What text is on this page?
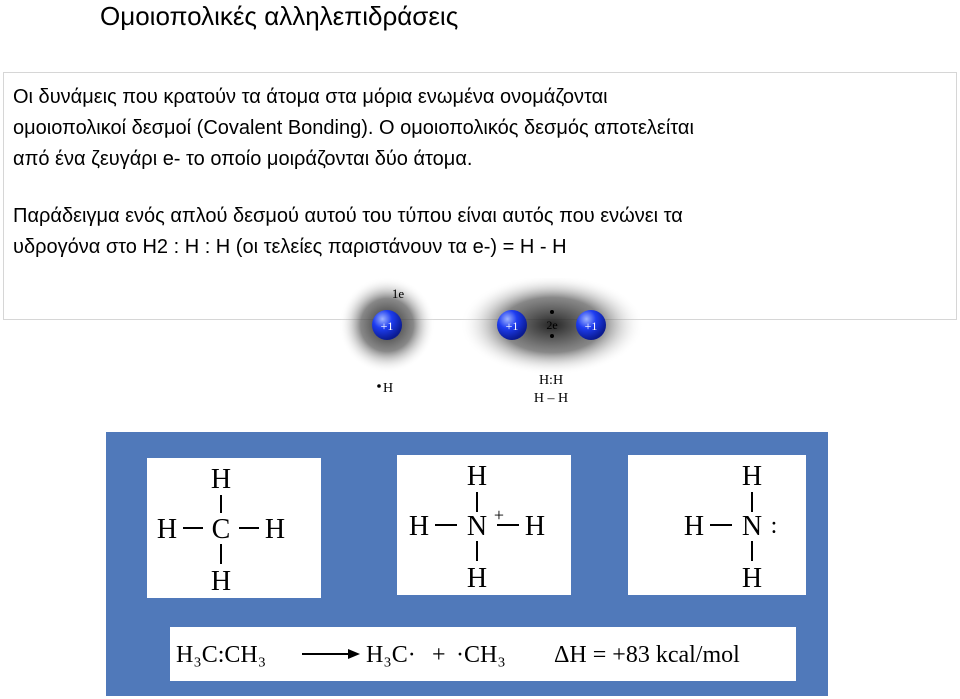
Ομοιοπολικές αλληλεπιδράσεις
Οι δυνάμεις που κρατούν τα άτομα στα μόρια ενωμένα ονομάζονται
ομοιοπολικοί δεσμοί (Covalent Bonding). Ο ομοιοπολικός δεσμός αποτελείται
από ένα ζευγάρι e- το οποίο μοιράζονται δύο άτομα.
Παράδειγμα ενός απλού δεσμού αυτού του τύπου είναι αυτός που ενώνει τα
υδρογόνα στο H2 : H : H (οι τελείες παριστάνουν τα e-) = H - H
+1
1e
+1	+1
2e
H
H:H
H – H
H
H C H
H
H
H N + H
H
H
H N :
H
H₃C:CH₃	H₃C· + ·CH₃ ΔH = +83 kcal/mol
